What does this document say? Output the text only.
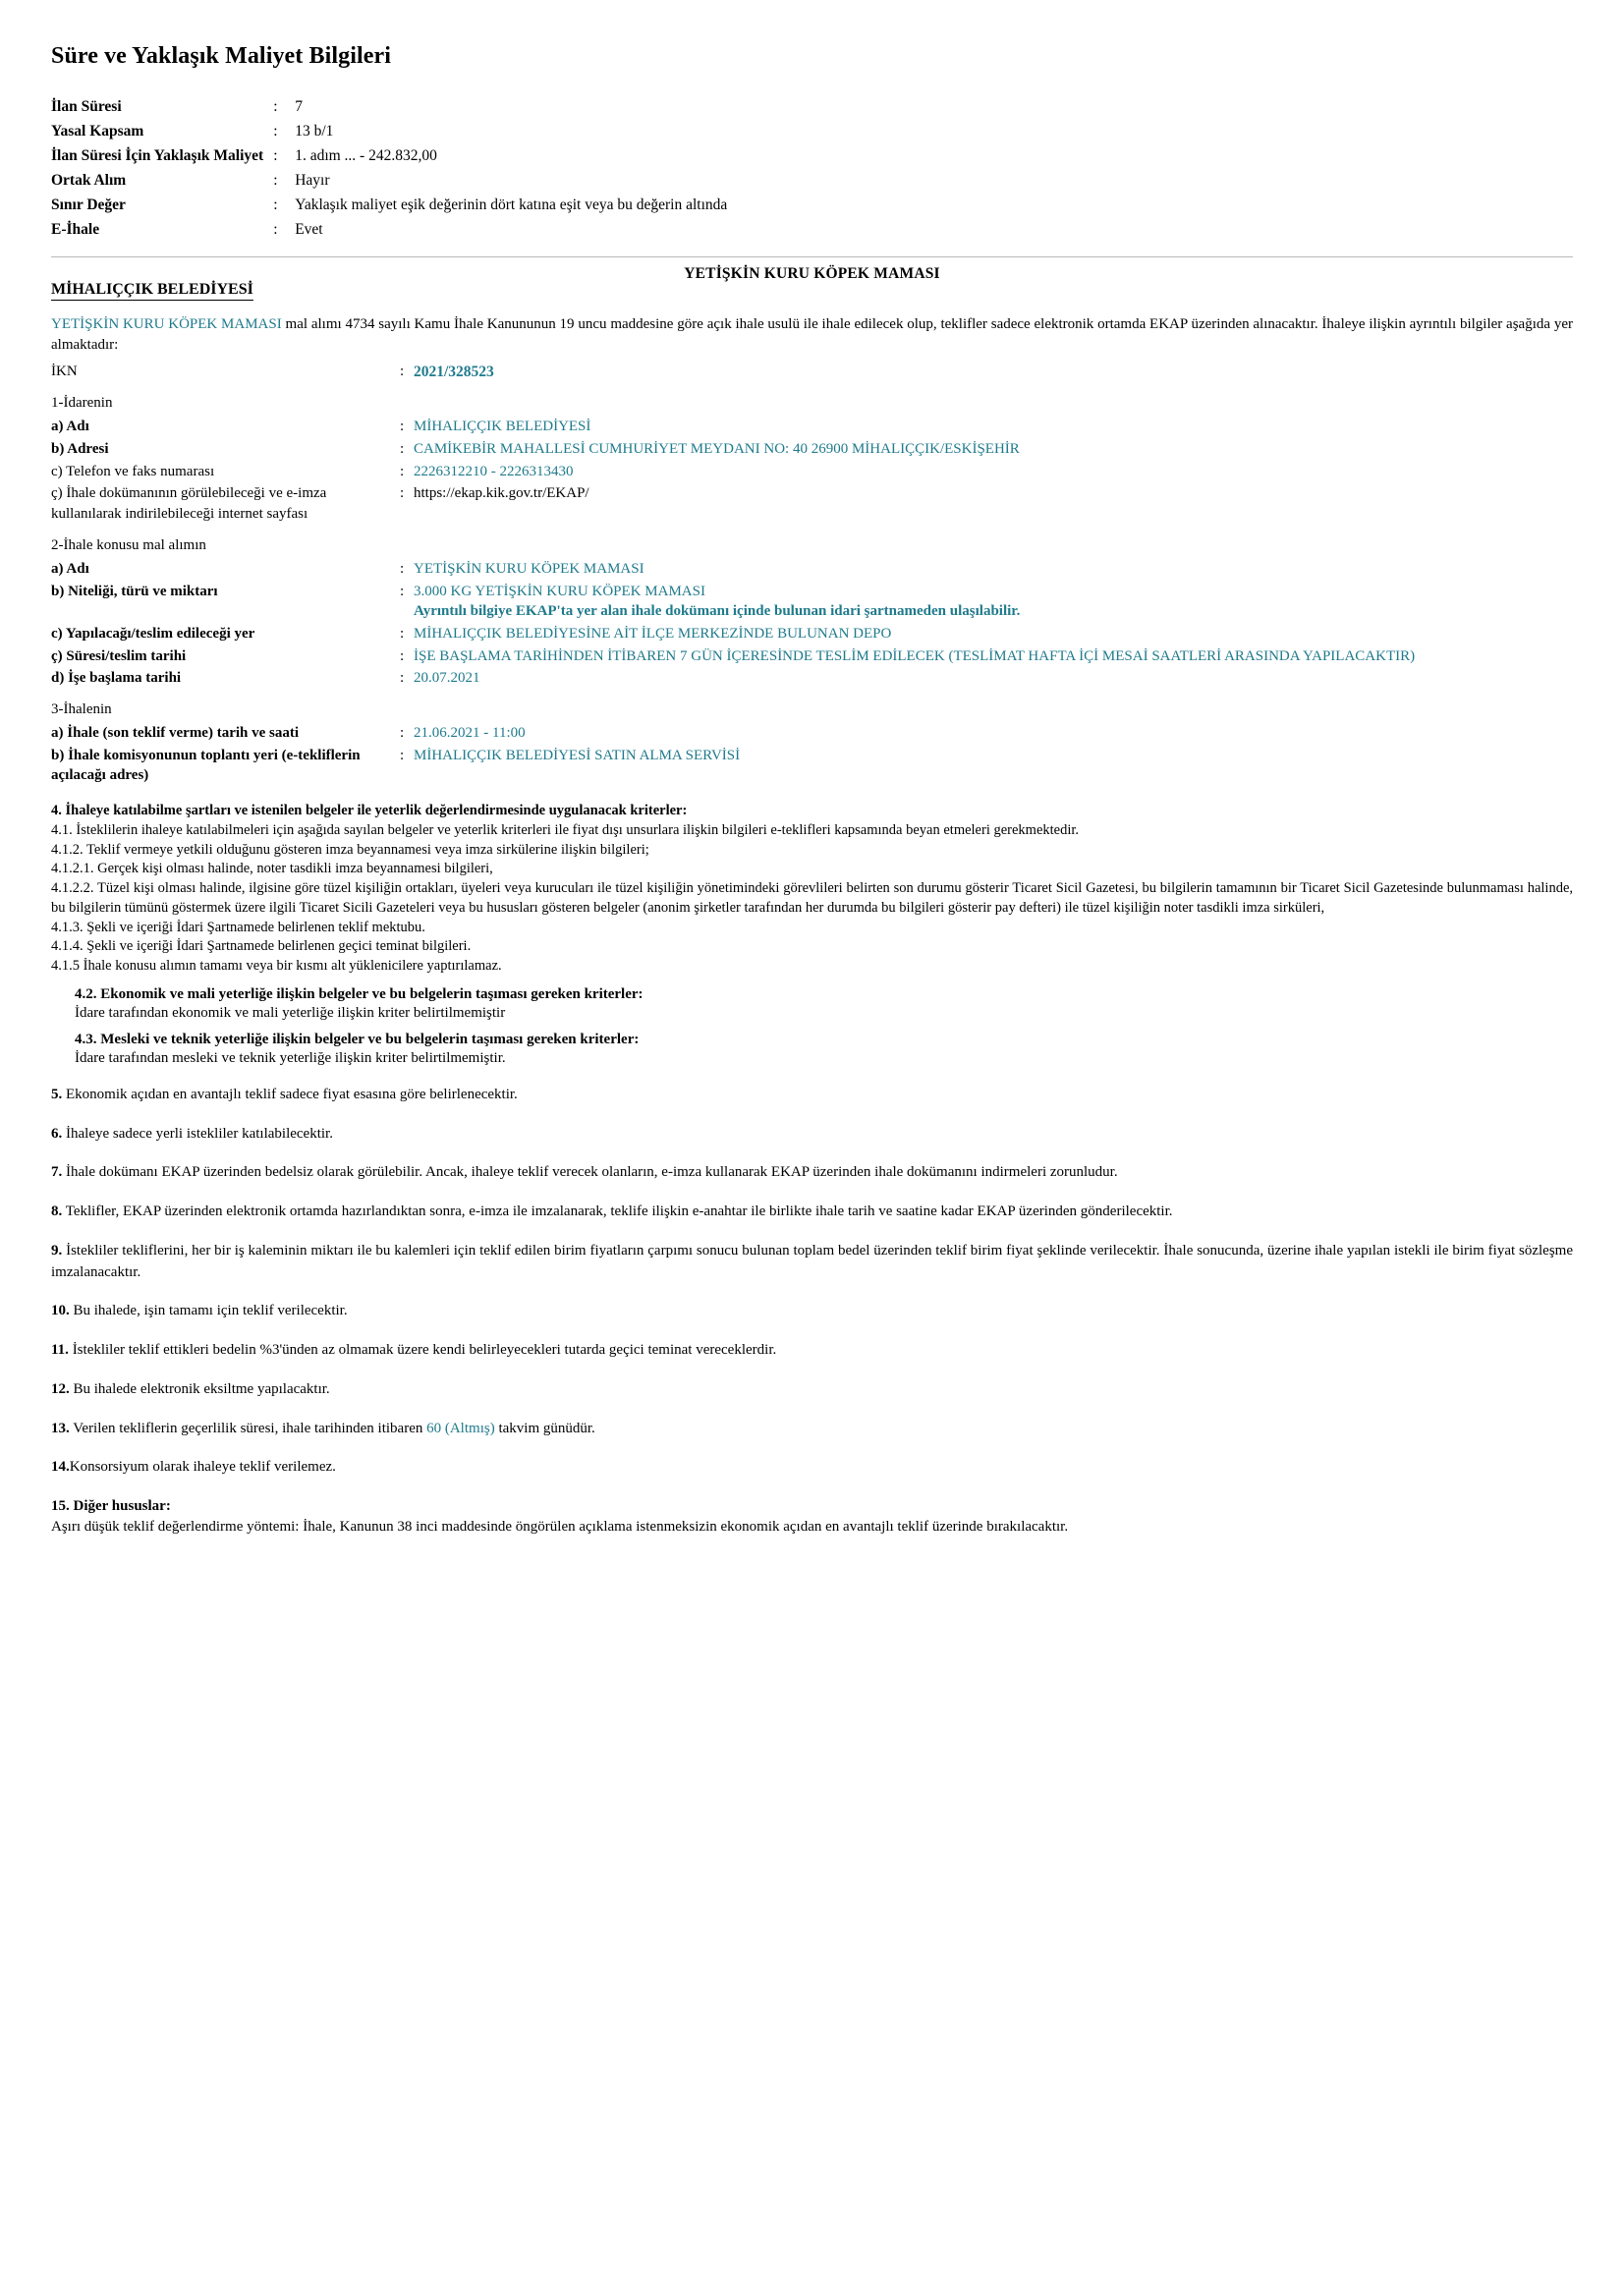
Süre ve Yaklaşık Maliyet Bilgileri
İlan Süresi	:	7
Yasal Kapsam	:	13 b/1
İlan Süresi İçin Yaklaşık Maliyet	:	1. adım ... - 242.832,00
Ortak Alım	:	Hayır
Sınır Değer	:	Yaklaşık maliyet eşik değerinin dört katına eşit veya bu değerin altında
E-İhale	:	Evet
YETİŞKİN KURU KÖPEK MAMASI
MİHALIÇÇIK BELEDİYESİ

YETİŞKİN KURU KÖPEK MAMASI mal alımı 4734 sayılı Kamu İhale Kanununun 19 uncu maddesine göre açık ihale usulü ile ihale edilecek olup, teklifler sadece elektronik ortamda EKAP üzerinden alınacaktır. İhaleye ilişkin ayrıntılı bilgiler aşağıda yer almaktadır:

İKN	:	2021/328523
1-İdarenin
a) Adı	:	MİHALIÇÇIK BELEDİYESİ
b) Adresi	:	CAMİKEBİR MAHALLESİ CUMHURİYET MEYDANI NO: 40 26900 MİHALIÇÇIK/ESKİŞEHİR
c) Telefon ve faks numarası	:	2226312210 - 2226313430
ç) İhale dokümanının görülebileceği ve e-imza kullanılarak indirilebileceği internet sayfası	:	https://ekap.kik.gov.tr/EKAP/
2-İhale konusu mal alımın
a) Adı	:	YETİŞKİN KURU KÖPEK MAMASI
b) Niteliği, türü ve miktarı	:	3.000 KG YETİŞKİN KURU KÖPEK MAMASI
Ayrıntılı bilgiye EKAP'ta yer alan ihale dokümanı içinde bulunan idari şartnameden ulaşılabilir.

c) Yapılacağı/teslim edileceği yer	:	MİHALIÇÇIK BELEDİYESİNE AİT İLÇE MERKEZİNDE BULUNAN DEPO
ç) Süresi/teslim tarihi	:	İŞE BAŞLAMA TARİHİNDEN İTİBAREN 7 GÜN İÇERESİNDE TESLİM EDİLECEK (TESLİMAT HAFTA İÇİ MESAİ SAATLERİ ARASINDA YAPILACAKTIR)
d) İşe başlama tarihi	:	20.07.2021
3-İhalenin
a) İhale (son teklif verme) tarih ve saati	:	21.06.2021 - 11:00
b) İhale komisyonunun toplantı yeri (e-tekliflerin açılacağı adres)	:	MİHALIÇÇIK BELEDİYESİ SATIN ALMA SERVİSİ
4. İhaleye katılabilme şartları ve istenilen belgeler ile yeterlik değerlendirmesinde uygulanacak kriterler:

4.1. İsteklilerin ihaleye katılabilmeleri için aşağıda sayılan belgeler ve yeterlik kriterleri ile fiyat dışı unsurlara ilişkin bilgileri e-teklifleri kapsamında beyan etmeleri gerekmektedir.

4.1.2. Teklif vermeye yetkili olduğunu gösteren imza beyannamesi veya imza sirkülerine ilişkin bilgileri;

4.1.2.1. Gerçek kişi olması halinde, noter tasdikli imza beyannamesi bilgileri,

4.1.2.2. Tüzel kişi olması halinde, ilgisine göre tüzel kişiliğin ortakları, üyeleri veya kurucuları ile tüzel kişiliğin yönetimindeki görevlileri belirten son durumu gösterir Ticaret Sicil Gazetesi, bu bilgilerin tamamının bir Ticaret Sicil Gazetesinde bulunmaması halinde, bu bilgilerin tümünü göstermek üzere ilgili Ticaret Sicili Gazeteleri veya bu hususları gösteren belgeler (anonim şirketler tarafından her durumda bu bilgileri gösterir pay defteri) ile tüzel kişiliğin noter tasdikli imza sirküleri,

4.1.3. Şekli ve içeriği İdari Şartnamede belirlenen teklif mektubu.

4.1.4. Şekli ve içeriği İdari Şartnamede belirlenen geçici teminat bilgileri.

4.1.5 İhale konusu alımın tamamı veya bir kısmı alt yüklenicilere yaptırılamaz.

4.2. Ekonomik ve mali yeterliğe ilişkin belgeler ve bu belgelerin taşıması gereken kriterler:
İdare tarafından ekonomik ve mali yeterliğe ilişkin kriter belirtilmemiştir
4.3. Mesleki ve teknik yeterliğe ilişkin belgeler ve bu belgelerin taşıması gereken kriterler:
İdare tarafından mesleki ve teknik yeterliğe ilişkin kriter belirtilmemiştir.

5. Ekonomik açıdan en avantajlı teklif sadece fiyat esasına göre belirlenecektir.

6. İhaleye sadece yerli istekliler katılabilecektir.

7. İhale dokümanı EKAP üzerinden bedelsiz olarak görülebilir. Ancak, ihaleye teklif verecek olanların, e-imza kullanarak EKAP üzerinden ihale dokümanını indirmeleri zorunludur.

8. Teklifler, EKAP üzerinden elektronik ortamda hazırlandıktan sonra, e-imza ile imzalanarak, teklife ilişkin e-anahtar ile birlikte ihale tarih ve saatine kadar EKAP üzerinden gönderilecektir.

9. İstekliler tekliflerini, her bir iş kaleminin miktarı ile bu kalemleri için teklif edilen birim fiyatların çarpımı sonucu bulunan toplam bedel üzerinden teklif birim fiyat şeklinde verilecektir. İhale sonucunda, üzerine ihale yapılan istekli ile birim fiyat sözleşme imzalanacaktır.

10. Bu ihalede, işin tamamı için teklif verilecektir.

11. İstekliler teklif ettikleri bedelin %3'ünden az olmamak üzere kendi belirleyecekleri tutarda geçici teminat vereceklerdir.

12. Bu ihalede elektronik eksiltme yapılacaktır.

13. Verilen tekliflerin geçerlilik süresi, ihale tarihinden itibaren 60 (Altmış) takvim günüdür.

14.Konsorsiyum olarak ihaleye teklif verilemez.

15. Diğer hususlar:
Aşırı düşük teklif değerlendirme yöntemi: İhale, Kanunun 38 inci maddesinde öngörülen açıklama istenmeksizin ekonomik açıdan en avantajlı teklif üzerinde bırakılacaktır.
